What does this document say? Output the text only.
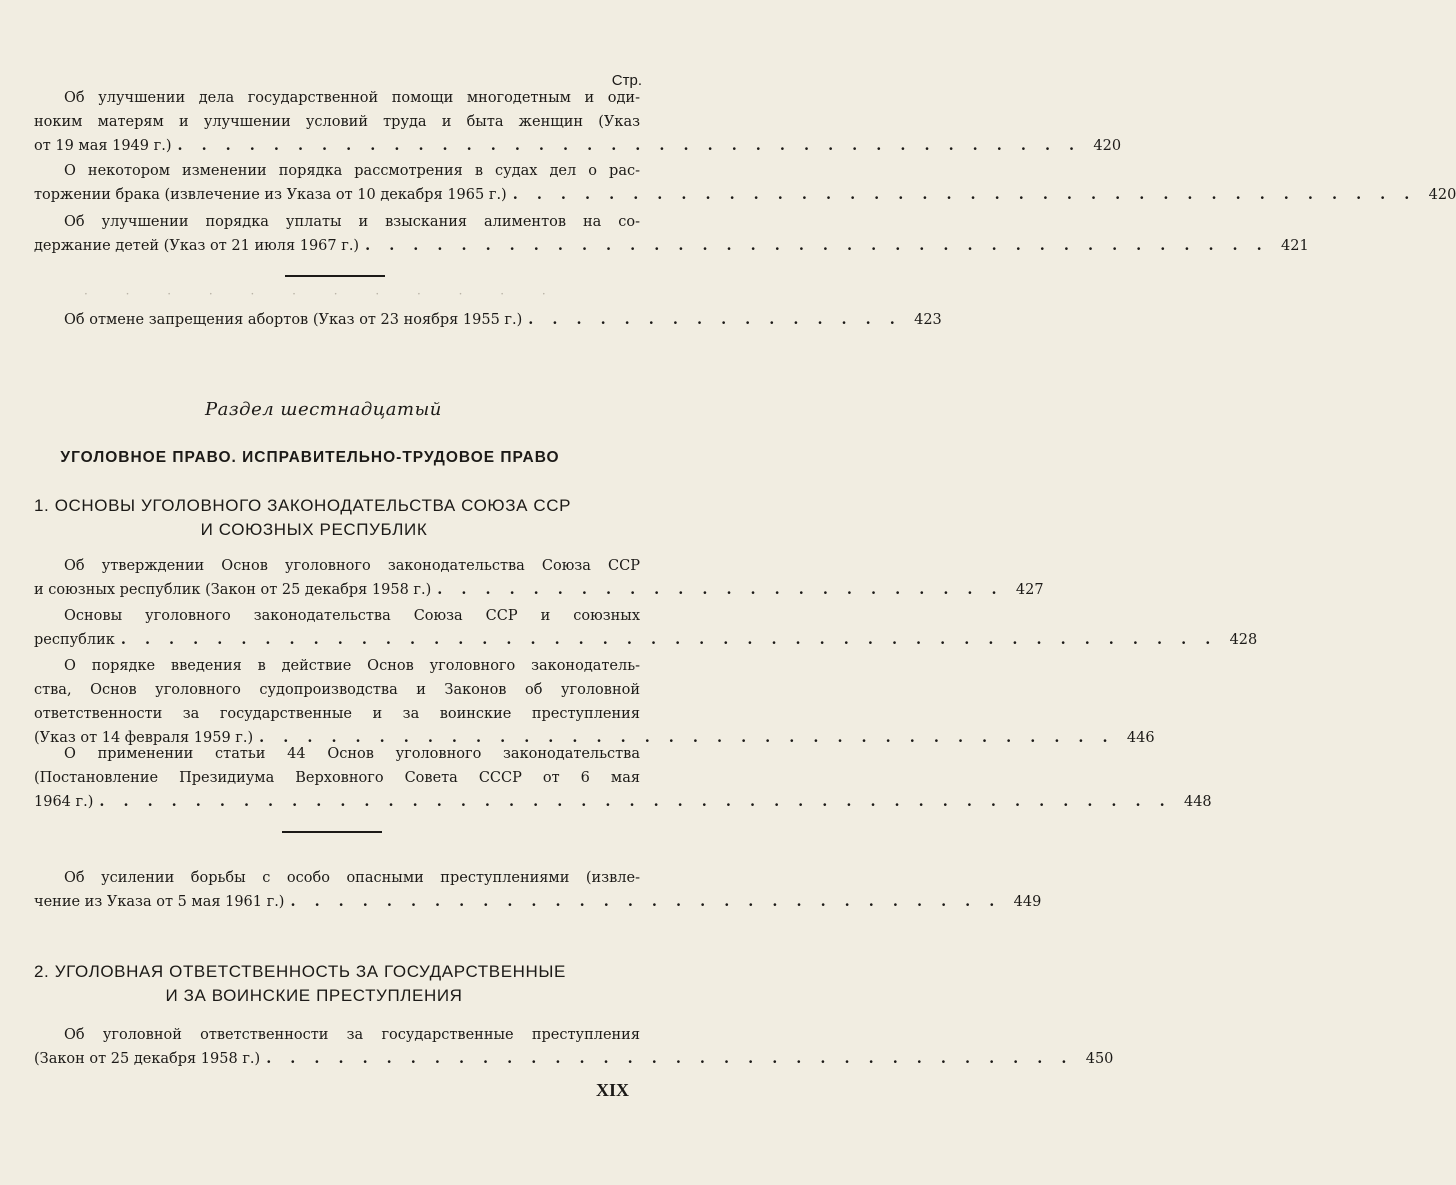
Стр.
Об улучшении дела государственной помощи многодетным и оди-
ноким матерям и улучшении условий труда и быта женщин (Указ
от 19 мая 1949 г.) . . . . . . . . . . . . . . . . . . . . . . . . . . . . . . . . . . . . . . 420
О некотором изменении порядка рассмотрения в судах дел о рас-
торжении брака (извлечение из Указа от 10 декабря 1965 г.) . . . . . . . . . . . . . . . . . . . . . . . . . . . . . . . . . . . . . . 420
Об улучшении порядка уплаты и взыскания алиментов на со-
держание детей (Указ от 21 июля 1967 г.) . . . . . . . . . . . . . . . . . . . . . . . . . . . . . . . . . . . . . . 421
· · · · · · · · · · · ·
Об отмене запрещения абортов (Указ от 23 ноября 1955 г.) . . . . . . . . . . . . . . . . 423
Раздел шестнадцатый
УГОЛОВНОЕ ПРАВО. ИСПРАВИТЕЛЬНО-ТРУДОВОЕ ПРАВО
1. ОСНОВЫ УГОЛОВНОГО ЗАКОНОДАТЕЛЬСТВА СОЮЗА ССР
И СОЮЗНЫХ РЕСПУБЛИК
Об утверждении Основ уголовного законодательства Союза ССР
и союзных республик (Закон от 25 декабря 1958 г.) . . . . . . . . . . . . . . . . . . . . . . . . 427
Основы уголовного законодательства Союза ССР и союзных
республик . . . . . . . . . . . . . . . . . . . . . . . . . . . . . . . . . . . . . . . . . . . . . . 428
О порядке введения в действие Основ уголовного законодатель-
ства, Основ уголовного судопроизводства и Законов об уголовной
ответственности за государственные и за воинские преступления
(Указ от 14 февраля 1959 г.) . . . . . . . . . . . . . . . . . . . . . . . . . . . . . . . . . . . . 446
О применении статьи 44 Основ уголовного законодательства
(Постановление Президиума Верховного Совета СССР от 6 мая
1964 г.) . . . . . . . . . . . . . . . . . . . . . . . . . . . . . . . . . . . . . . . . . . . . . 448
Об усилении борьбы с особо опасными преступлениями (извле-
чение из Указа от 5 мая 1961 г.) . . . . . . . . . . . . . . . . . . . . . . . . . . . . . . 449
2. УГОЛОВНАЯ ОТВЕТСТВЕННОСТЬ ЗА ГОСУДАРСТВЕННЫЕ
И ЗА ВОИНСКИЕ ПРЕСТУПЛЕНИЯ
Об уголовной ответственности за государственные преступления
(Закон от 25 декабря 1958 г.) . . . . . . . . . . . . . . . . . . . . . . . . . . . . . . . . . . 450
XIX
